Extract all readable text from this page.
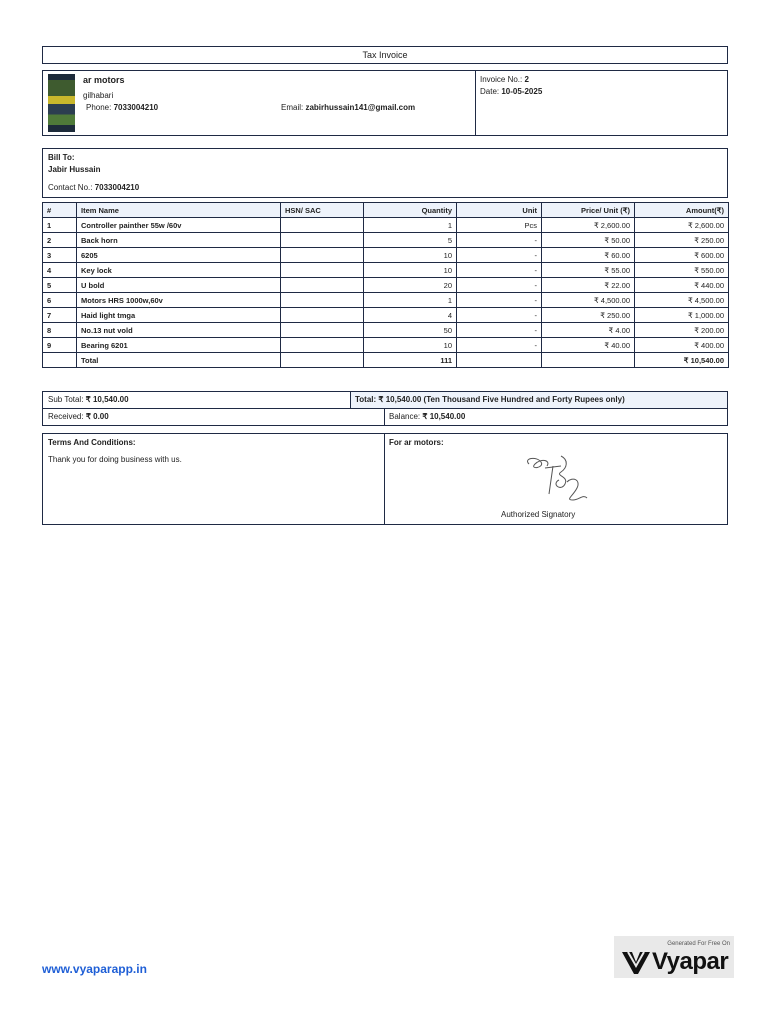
Tax Invoice
ar motors
gilhabari
Phone: 7033004210	Email: zabirhussain141@gmail.com
Invoice No.: 2
Date: 10-05-2025
Bill To:
Jabir Hussain
Contact No.: 7033004210
#	Item Name	HSN/ SAC	Quantity	Unit	Price/ Unit (₹)	Amount(₹)
1	Controller painther 55w /60v		1	Pcs	₹ 2,600.00	₹ 2,600.00
2	Back horn		5	-	₹ 50.00	₹ 250.00
3	6205		10	-	₹ 60.00	₹ 600.00
4	Key lock		10	-	₹ 55.00	₹ 550.00
5	U bold		20	-	₹ 22.00	₹ 440.00
6	Motors HRS 1000w,60v		1	-	₹ 4,500.00	₹ 4,500.00
7	Haid light tmga		4	-	₹ 250.00	₹ 1,000.00
8	No.13 nut vold		50	-	₹ 4.00	₹ 200.00
9	Bearing 6201		10	-	₹ 40.00	₹ 400.00
	Total		111			₹ 10,540.00
Sub Total: ₹ 10,540.00	Total: ₹ 10,540.00 (Ten Thousand Five Hundred and Forty Rupees only)
Received: ₹ 0.00	Balance: ₹ 10,540.00
Terms And Conditions:
Thank you for doing business with us.
For ar motors:
Authorized Signatory
www.vyaparapp.in
Generated For Free On
Vyapar
